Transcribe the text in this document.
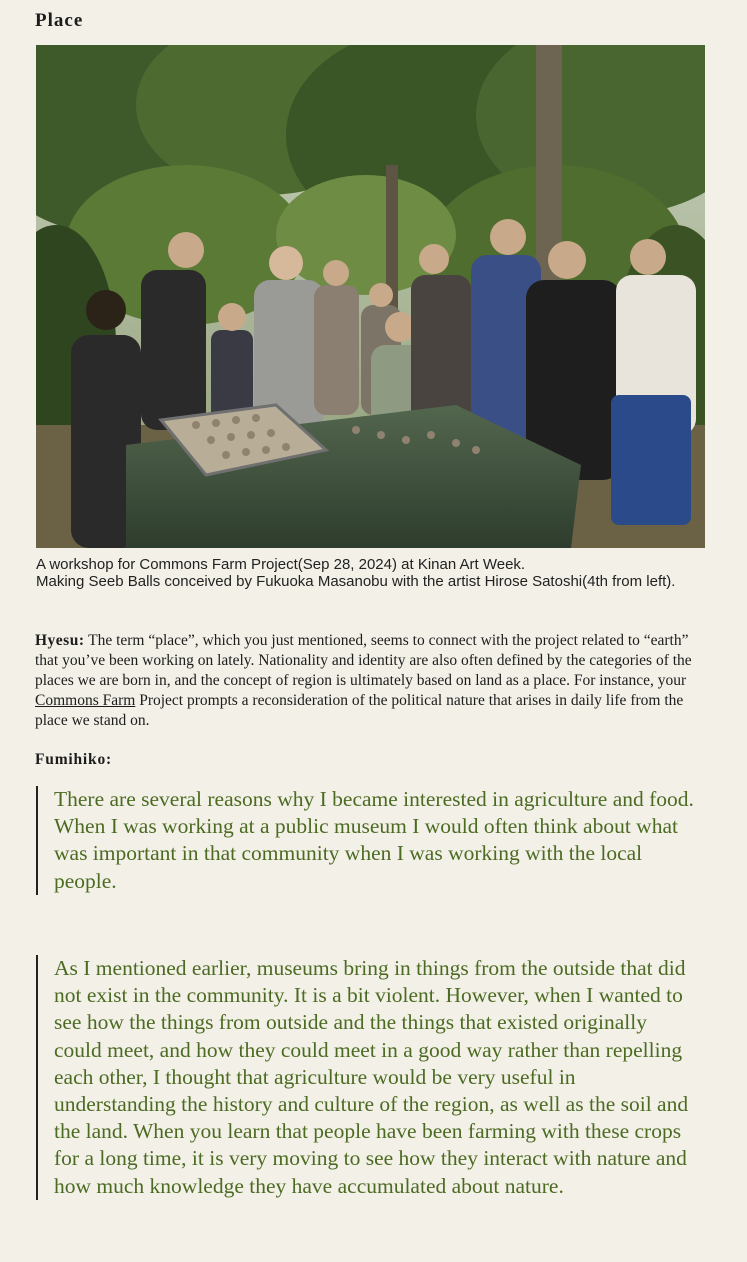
Place
A workshop for Commons Farm Project(Sep 28, 2024) at Kinan Art Week.
Making Seeb Balls conceived by Fukuoka Masanobu with the artist Hirose Satoshi(4th from left).

Hyesu: The term “place”, which you just mentioned, seems to connect with the project related to “earth” that you’ve been working on lately. Nationality and identity are also often defined by the categories of the places we are born in, and the concept of region is ultimately based on land as a place. For instance, your Commons Farm Project prompts a reconsideration of the political nature that arises in daily life from the place we stand on.

Fumihiko:

There are several reasons why I became interested in agriculture and food. When I was working at a public museum I would often think about what was important in that community when I was working with the local people.
As I mentioned earlier, museums bring in things from the outside that did not exist in the community. It is a bit violent. However, when I wanted to see how the things from outside and the things that existed originally could meet, and how they could meet in a good way rather than repelling each other, I thought that agriculture would be very useful in understanding the history and culture of the region, as well as the soil and the land. When you learn that people have been farming with these crops for a long time, it is very moving to see how they interact with nature and how much knowledge they have accumulated about nature.
